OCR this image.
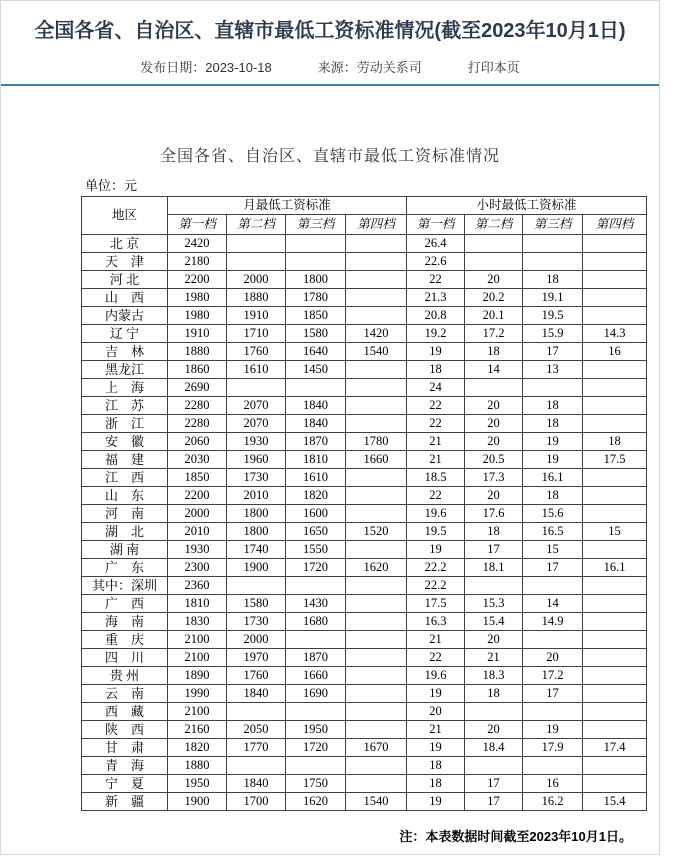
全国各省、自治区、直辖市最低工资标准情况(截至2023年10月1日)
发布日期：2023-10-18	来源：劳动关系司	打印本页
全国各省、自治区、直辖市最低工资标准情况
单位：元
地区	月最低工资标准				小时最低工资标准			
	第一档	第二档	第三档	第四档	第一档	第二档	第三档	第四档
北 京	2420				26.4			
天　津	2180				22.6			
河 北	2200	2000	1800		22	20	18	
山　西	1980	1880	1780		21.3	20.2	19.1	
内蒙古	1980	1910	1850		20.8	20.1	19.5	
辽 宁	1910	1710	1580	1420	19.2	17.2	15.9	14.3
吉　林	1880	1760	1640	1540	19	18	17	16
黑龙江	1860	1610	1450		18	14	13	
上　海	2690				24			
江　苏	2280	2070	1840		22	20	18	
浙　江	2280	2070	1840		22	20	18	
安　徽	2060	1930	1870	1780	21	20	19	18
福　建	2030	1960	1810	1660	21	20.5	19	17.5
江　西	1850	1730	1610		18.5	17.3	16.1	
山　东	2200	2010	1820		22	20	18	
河　南	2000	1800	1600		19.6	17.6	15.6	
湖　北	2010	1800	1650	1520	19.5	18	16.5	15
湖 南	1930	1740	1550		19	17	15	
广　东	2300	1900	1720	1620	22.2	18.1	17	16.1
其中：深圳	2360				22.2			
广　西	1810	1580	1430		17.5	15.3	14	
海　南	1830	1730	1680		16.3	15.4	14.9	
重　庆	2100	2000			21	20		
四　川	2100	1970	1870		22	21	20	
贵 州	1890	1760	1660		19.6	18.3	17.2	
云　南	1990	1840	1690		19	18	17	
西　藏	2100				20			
陕　西	2160	2050	1950		21	20	19	
甘　肃	1820	1770	1720	1670	19	18.4	17.9	17.4
青　海	1880				18			
宁　夏	1950	1840	1750		18	17	16	
新　疆	1900	1700	1620	1540	19	17	16.2	15.4
注：本表数据时间截至2023年10月1日。
